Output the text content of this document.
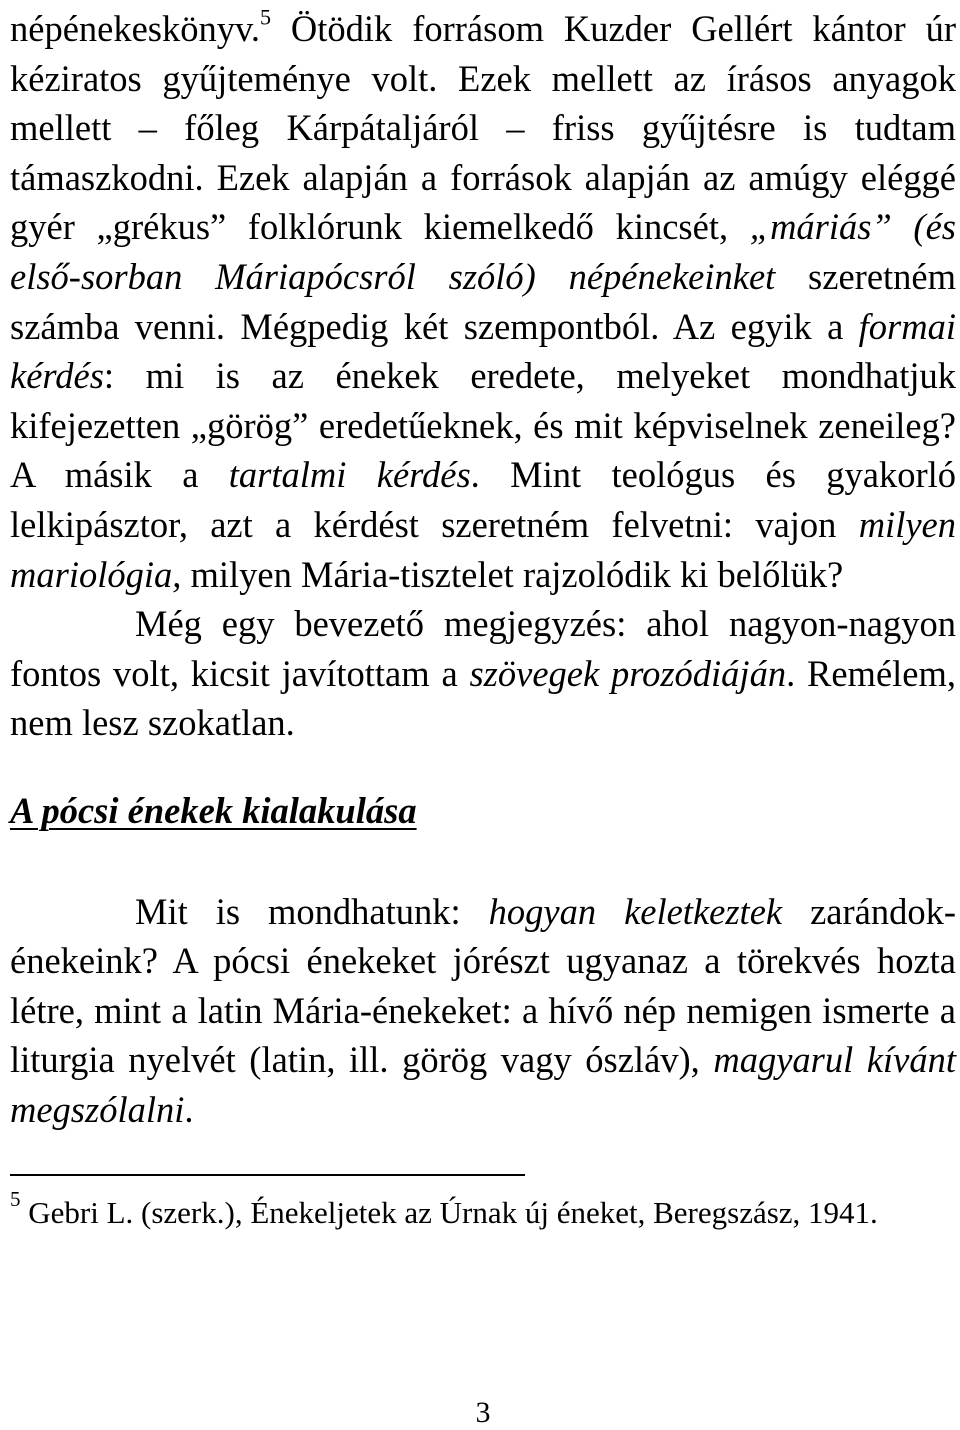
népénekeskönyv.$^5$ Ötödik forrásom Kuzder Gellért kántor úr kéziratos gyűjteménye volt. Ezek mellett az írásos anyagok mellett – főleg Kárpátaljáról – friss gyűjtésre is tudtam támaszkodni. Ezek alapján a források alapján az amúgy eléggé gyér „grékus” folklórunk kiemelkedő kincsét, „máriás” (és első-sorban Máriapócsról szóló) népénekeinket szeretném számba venni. Mégpedig két szempontból. Az egyik a formai kérdés: mi is az énekek eredete, melyeket mondhatjuk kifejezetten „görög” eredetűeknek, és mit képviselnek zeneileg? A másik a tartalmi kérdés. Mint teológus és gyakorló lelkipásztor, azt a kérdést szeretném felvetni: vajon milyen mariológia, milyen Mária-tisztelet rajzolódik ki belőlük?

Még egy bevezető megjegyzés: ahol nagyon-nagyon fontos volt, kicsit javítottam a szövegek prozódiáján. Remélem, nem lesz szokatlan.

A pócsi énekek kialakulása

Mit is mondhatunk: hogyan keletkeztek zarándok-énekeink? A pócsi énekeket jórészt ugyanaz a törekvés hozta létre, mint a latin Mária-énekeket: a hívő nép nemigen ismerte a liturgia nyelvét (latin, ill. görög vagy ószláv), magyarul kívánt megszólalni.

$^5$ Gebri L. (szerk.), Énekeljetek az Úrnak új éneket, Beregszász, 1941.

3
